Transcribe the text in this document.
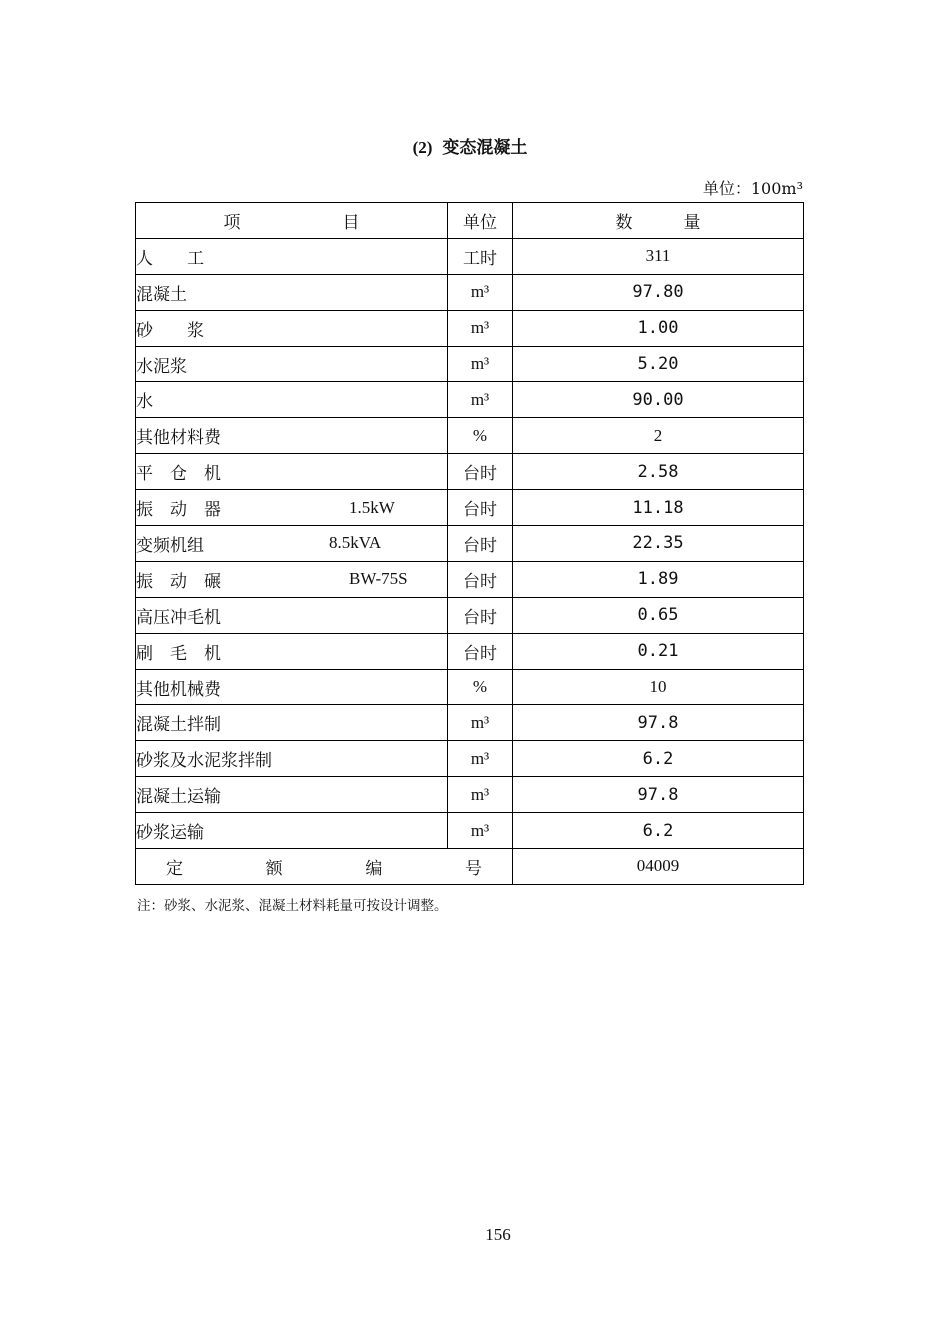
(2) 变态混凝土
单位：100m³
项　　　　　　目	单位	数　　　量
人　　工	工时	311
混凝土	m³	97.80
砂　　浆	m³	1.00
水泥浆	m³	5.20
水	m³	90.00
其他材料费	%	2
平　仓　机	台时	2.58
振　动　器 1.5kW	台时	11.18
变频机组 8.5kVA	台时	22.35
振　动　碾 BW-75S	台时	1.89
高压冲毛机	台时	0.65
刷　毛　机	台时	0.21
其他机械费	%	10
混凝土拌制	m³	97.8
砂浆及水泥浆拌制	m³	6.2
混凝土运输	m³	97.8
砂浆运输	m³	6.2

定 额 编 号		04009
注：砂浆、水泥浆、混凝土材料耗量可按设计调整。
156
